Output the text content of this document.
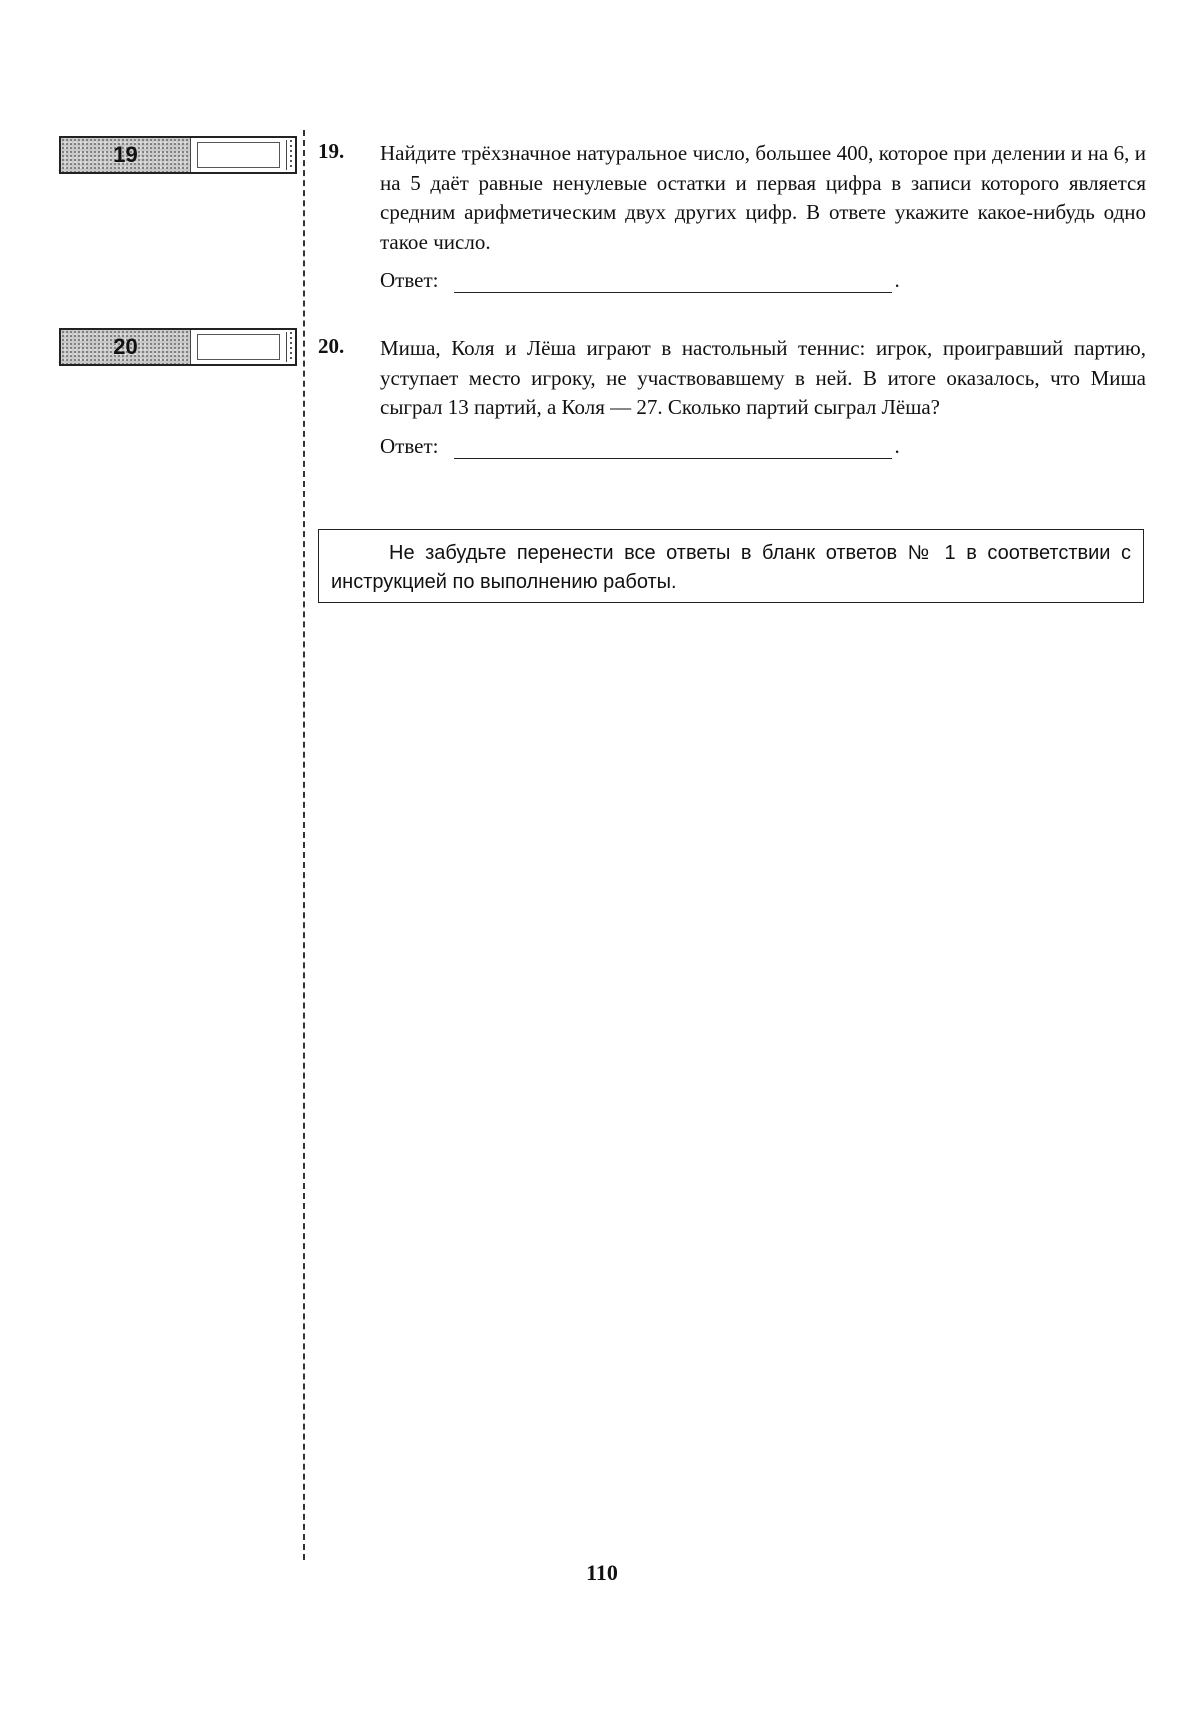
19
20
19. Найдите трёхзначное натуральное число, большее 400, которое при делении и на 6, и на 5 даёт равные ненулевые остатки и первая цифра в записи которого является средним арифметическим двух других цифр. В ответе укажите какое-нибудь одно такое число.
Ответ:	.
20. Миша, Коля и Лёша играют в настольный теннис: игрок, проигравший партию, уступает место игроку, не участвовавшему в ней. В итоге оказалось, что Миша сыграл 13 партий, а Коля — 27. Сколько партий сыграл Лёша?
Ответ:	.
Не забудьте перенести все ответы в бланк ответов № 1 в соответствии с инструкцией по выполнению работы.
110
